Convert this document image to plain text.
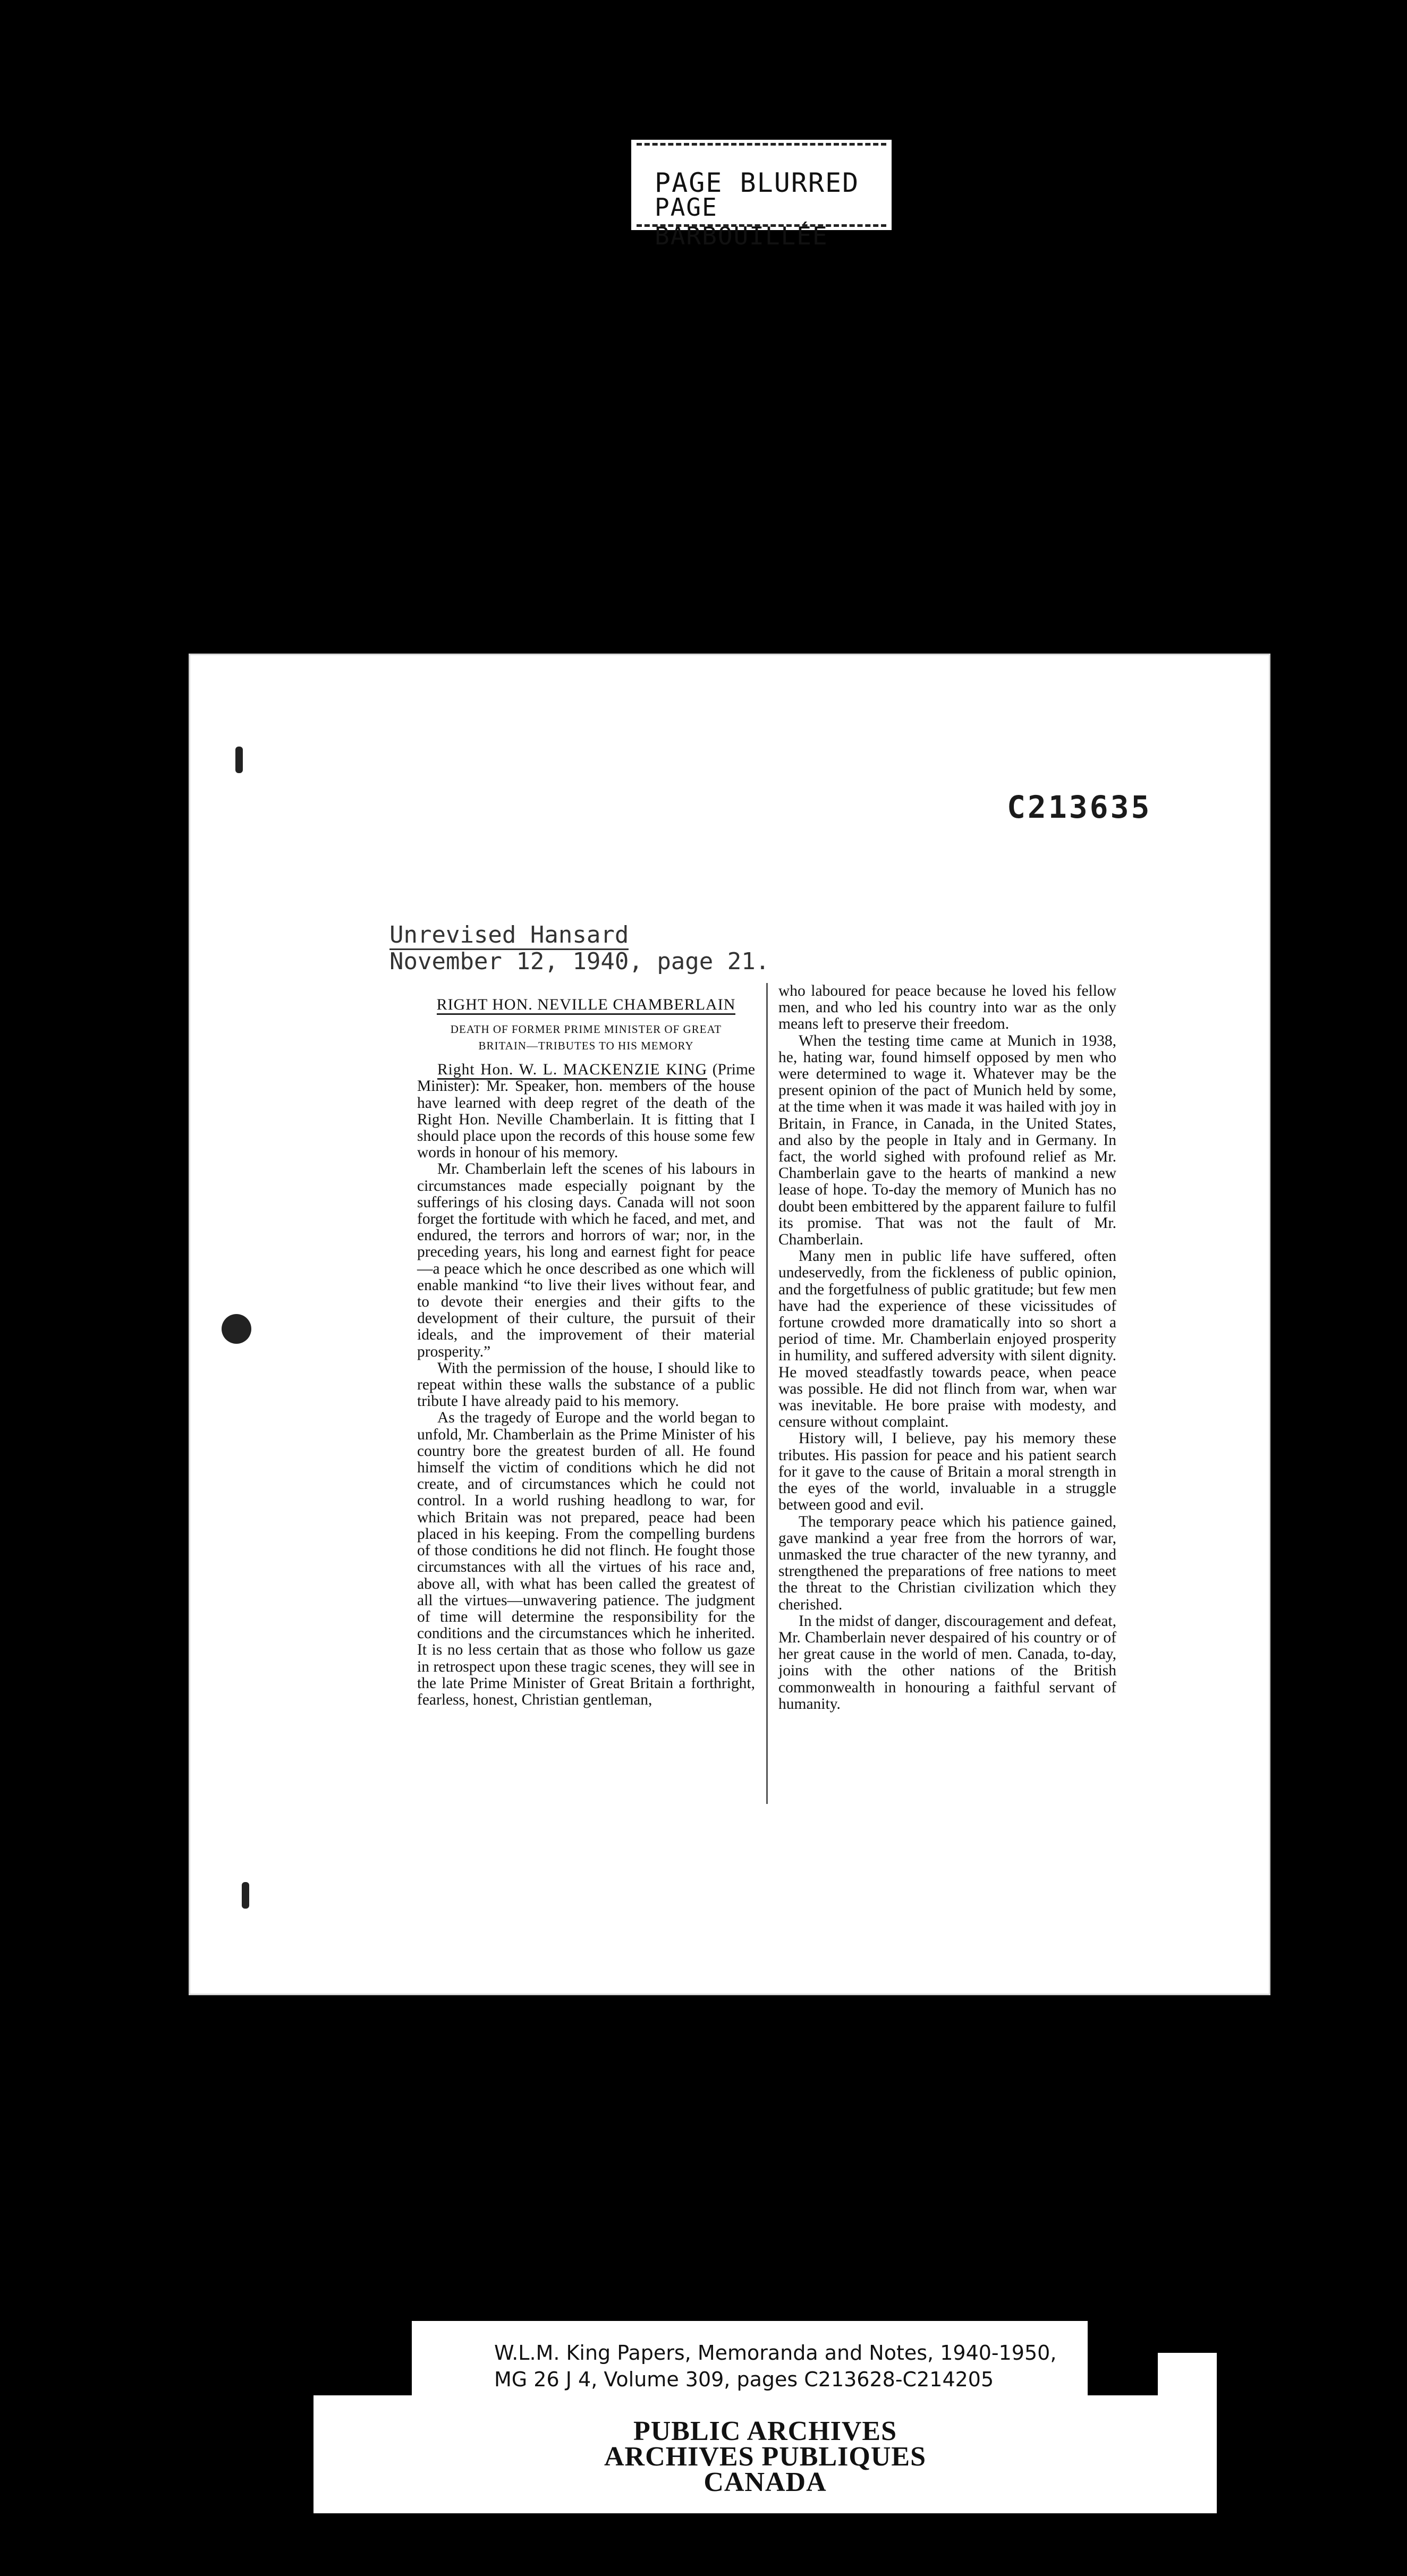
PAGE BLURRED
PAGE BARBOUILLÉE
C213635
Unrevised Hansard
November 12, 1940, page 21.
RIGHT HON. NEVILLE CHAMBERLAIN
DEATH OF FORMER PRIME MINISTER OF GREAT
BRITAIN—TRIBUTES TO HIS MEMORY

Right Hon. W. L. MACKENZIE KING (Prime Minister): Mr. Speaker, hon. members of the house have learned with deep regret of the death of the Right Hon. Neville Chamberlain. It is fitting that I should place upon the records of this house some few words in honour of his memory.

Mr. Chamberlain left the scenes of his labours in circumstances made especially poignant by the sufferings of his closing days. Canada will not soon forget the fortitude with which he faced, and met, and endured, the terrors and horrors of war; nor, in the preceding years, his long and earnest fight for peace —a peace which he once described as one which will enable mankind “to live their lives without fear, and to devote their energies and their gifts to the development of their culture, the pursuit of their ideals, and the improvement of their material prosperity.”

With the permission of the house, I should like to repeat within these walls the substance of a public tribute I have already paid to his memory.

As the tragedy of Europe and the world began to unfold, Mr. Chamberlain as the Prime Minister of his country bore the greatest burden of all. He found himself the victim of conditions which he did not create, and of circumstances which he could not control. In a world rushing headlong to war, for which Britain was not prepared, peace had been placed in his keeping. From the compelling burdens of those conditions he did not flinch. He fought those circumstances with all the virtues of his race and, above all, with what has been called the greatest of all the virtues—unwavering patience. The judgment of time will determine the responsibility for the conditions and the circumstances which he inherited. It is no less certain that as those who follow us gaze in retrospect upon these tragic scenes, they will see in the late Prime Minister of Great Britain a forthright, fearless, honest, Christian gentleman,

who laboured for peace because he loved his fellow men, and who led his country into war as the only means left to preserve their freedom.

When the testing time came at Munich in 1938, he, hating war, found himself opposed by men who were determined to wage it. Whatever may be the present opinion of the pact of Munich held by some, at the time when it was made it was hailed with joy in Britain, in France, in Canada, in the United States, and also by the people in Italy and in Germany. In fact, the world sighed with profound relief as Mr. Chamberlain gave to the hearts of mankind a new lease of hope. To-day the memory of Munich has no doubt been embittered by the apparent failure to fulfil its promise. That was not the fault of Mr. Chamberlain.

Many men in public life have suffered, often undeservedly, from the fickleness of public opinion, and the forgetfulness of public gratitude; but few men have had the experience of these vicissitudes of fortune crowded more dramatically into so short a period of time. Mr. Chamberlain enjoyed prosperity in humility, and suffered adversity with silent dignity. He moved steadfastly towards peace, when peace was possible. He did not flinch from war, when war was inevitable. He bore praise with modesty, and censure without complaint.

History will, I believe, pay his memory these tributes. His passion for peace and his patient search for it gave to the cause of Britain a moral strength in the eyes of the world, invaluable in a struggle between good and evil.

The temporary peace which his patience gained, gave mankind a year free from the horrors of war, unmasked the true character of the new tyranny, and strengthened the preparations of free nations to meet the threat to the Christian civilization which they cherished.

In the midst of danger, discouragement and defeat, Mr. Chamberlain never despaired of his country or of her great cause in the world of men. Canada, to-day, joins with the other nations of the British commonwealth in honouring a faithful servant of humanity.

W.L.M. King Papers, Memoranda and Notes, 1940-1950,
MG 26 J 4, Volume 309, pages C213628-C214205
PUBLIC ARCHIVES
ARCHIVES PUBLIQUES
CANADA
